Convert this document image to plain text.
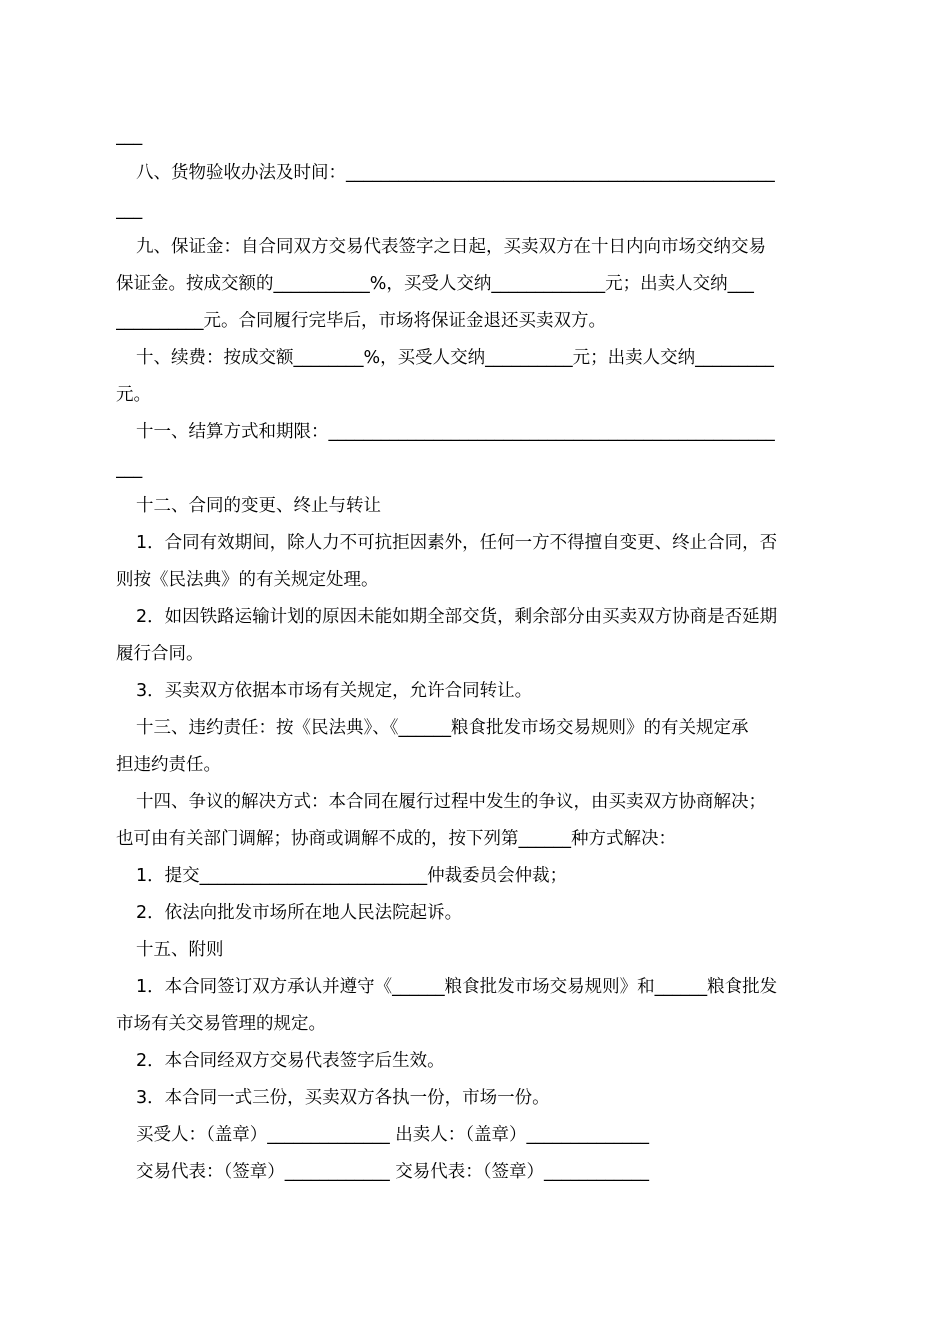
___
八、货物验收办法及时间：_________________________________________________
___
九、保证金：自合同双方交易代表签字之日起，买卖双方在十日内向市场交纳交易
保证金。按成交额的___________%，买受人交纳_____________元；出卖人交纳___
__________元。合同履行完毕后，市场将保证金退还买卖双方。
十、续费：按成交额________%，买受人交纳__________元；出卖人交纳_________
元。
十一、结算方式和期限：___________________________________________________
___
十二、合同的变更、终止与转让
1．合同有效期间，除人力不可抗拒因素外，任何一方不得擅自变更、终止合同，否
则按《民法典》的有关规定处理。
2．如因铁路运输计划的原因未能如期全部交货，剩余部分由买卖双方协商是否延期
履行合同。
3．买卖双方依据本市场有关规定，允许合同转让。
十三、违约责任：按《民法典》、《______粮食批发市场交易规则》的有关规定承
担违约责任。
十四、争议的解决方式：本合同在履行过程中发生的争议，由买卖双方协商解决；
也可由有关部门调解；协商或调解不成的，按下列第______种方式解决：
1．提交__________________________仲裁委员会仲裁；
2．依法向批发市场所在地人民法院起诉。
十五、附则
1．本合同签订双方承认并遵守《______粮食批发市场交易规则》和______粮食批发
市场有关交易管理的规定。
2．本合同经双方交易代表签字后生效。
3．本合同一式三份，买卖双方各执一份，市场一份。
买受人：（盖章）______________ 出卖人：（盖章）______________
交易代表：（签章）____________ 交易代表：（签章）____________
